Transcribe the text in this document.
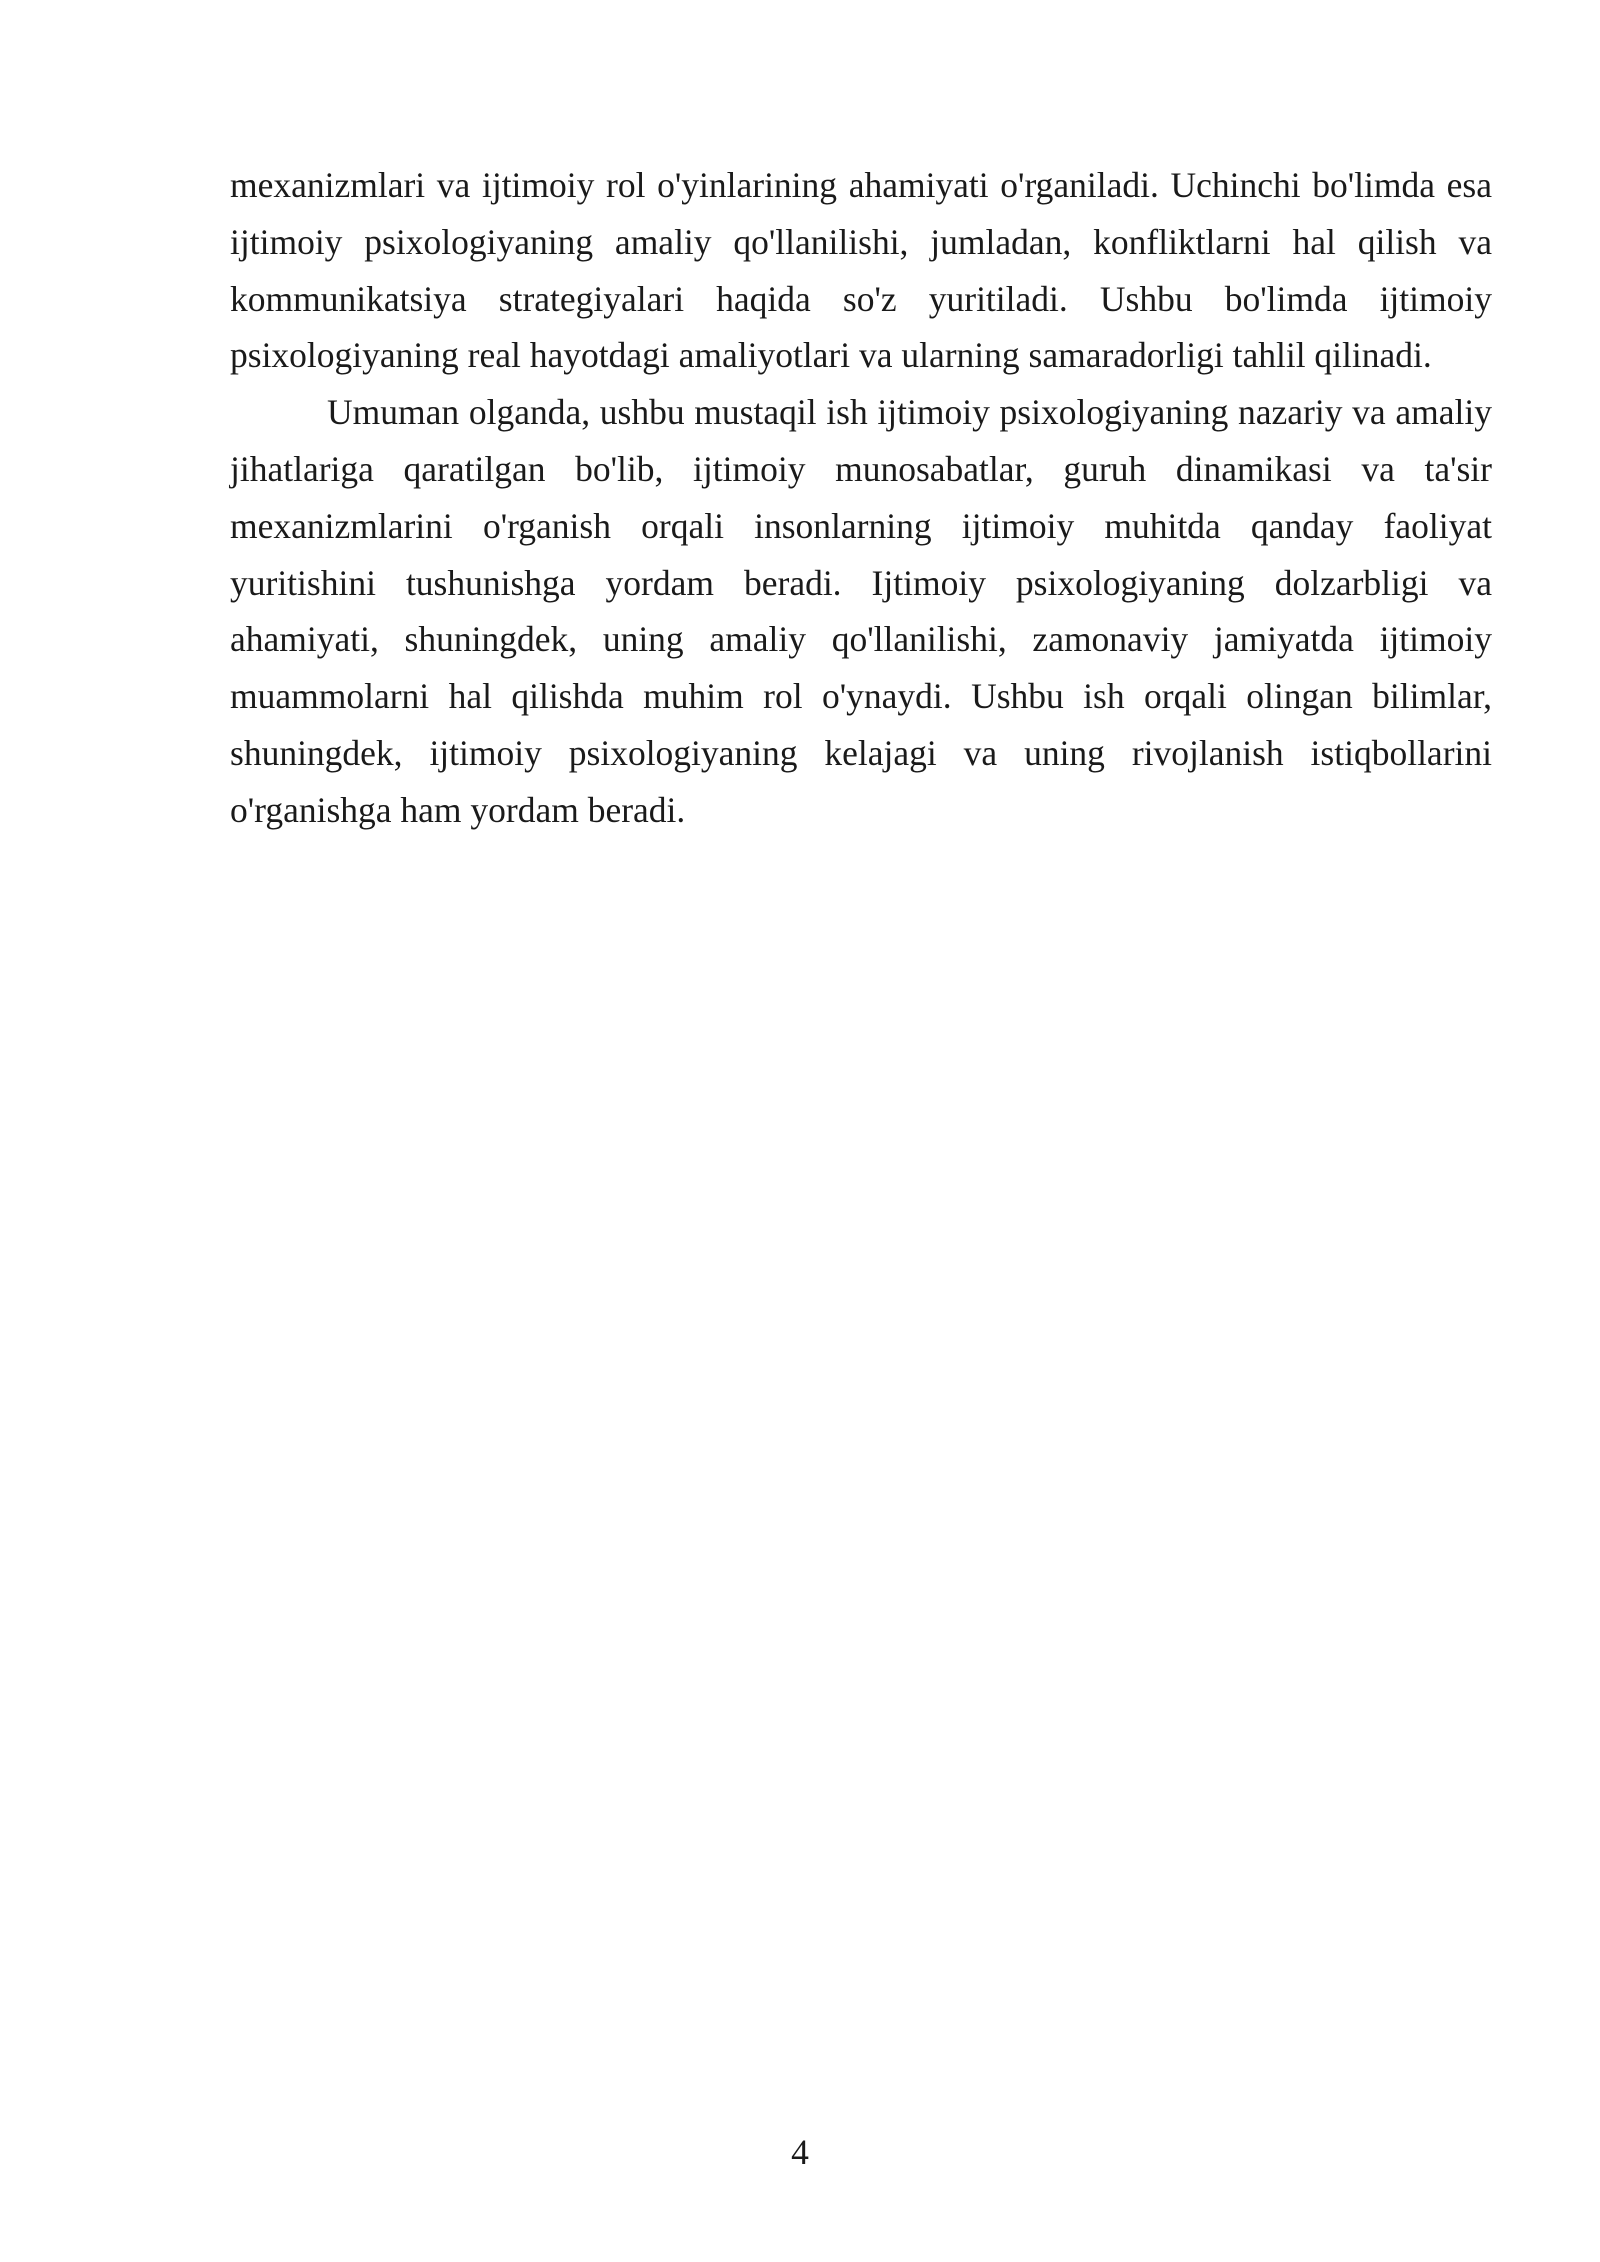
mexanizmlari va ijtimoiy rol o'yinlarining ahamiyati o'rganiladi. Uchinchi bo'limda esa ijtimoiy psixologiyaning amaliy qo'llanilishi, jumladan, konfliktlarni hal qilish va kommunikatsiya strategiyalari haqida so'z yuritiladi. Ushbu bo'limda ijtimoiy psixologiyaning real hayotdagi amaliyotlari va ularning samaradorligi tahlil qilinadi.

Umuman olganda, ushbu mustaqil ish ijtimoiy psixologiyaning nazariy va amaliy jihatlariga qaratilgan bo'lib, ijtimoiy munosabatlar, guruh dinamikasi va ta'sir mexanizmlarini o'rganish orqali insonlarning ijtimoiy muhitda qanday faoliyat yuritishini tushunishga yordam beradi. Ijtimoiy psixologiyaning dolzarbligi va ahamiyati, shuningdek, uning amaliy qo'llanilishi, zamonaviy jamiyatda ijtimoiy muammolarni hal qilishda muhim rol o'ynaydi. Ushbu ish orqali olingan bilimlar, shuningdek, ijtimoiy psixologiyaning kelajagi va uning rivojlanish istiqbollarini o'rganishga ham yordam beradi.

4
